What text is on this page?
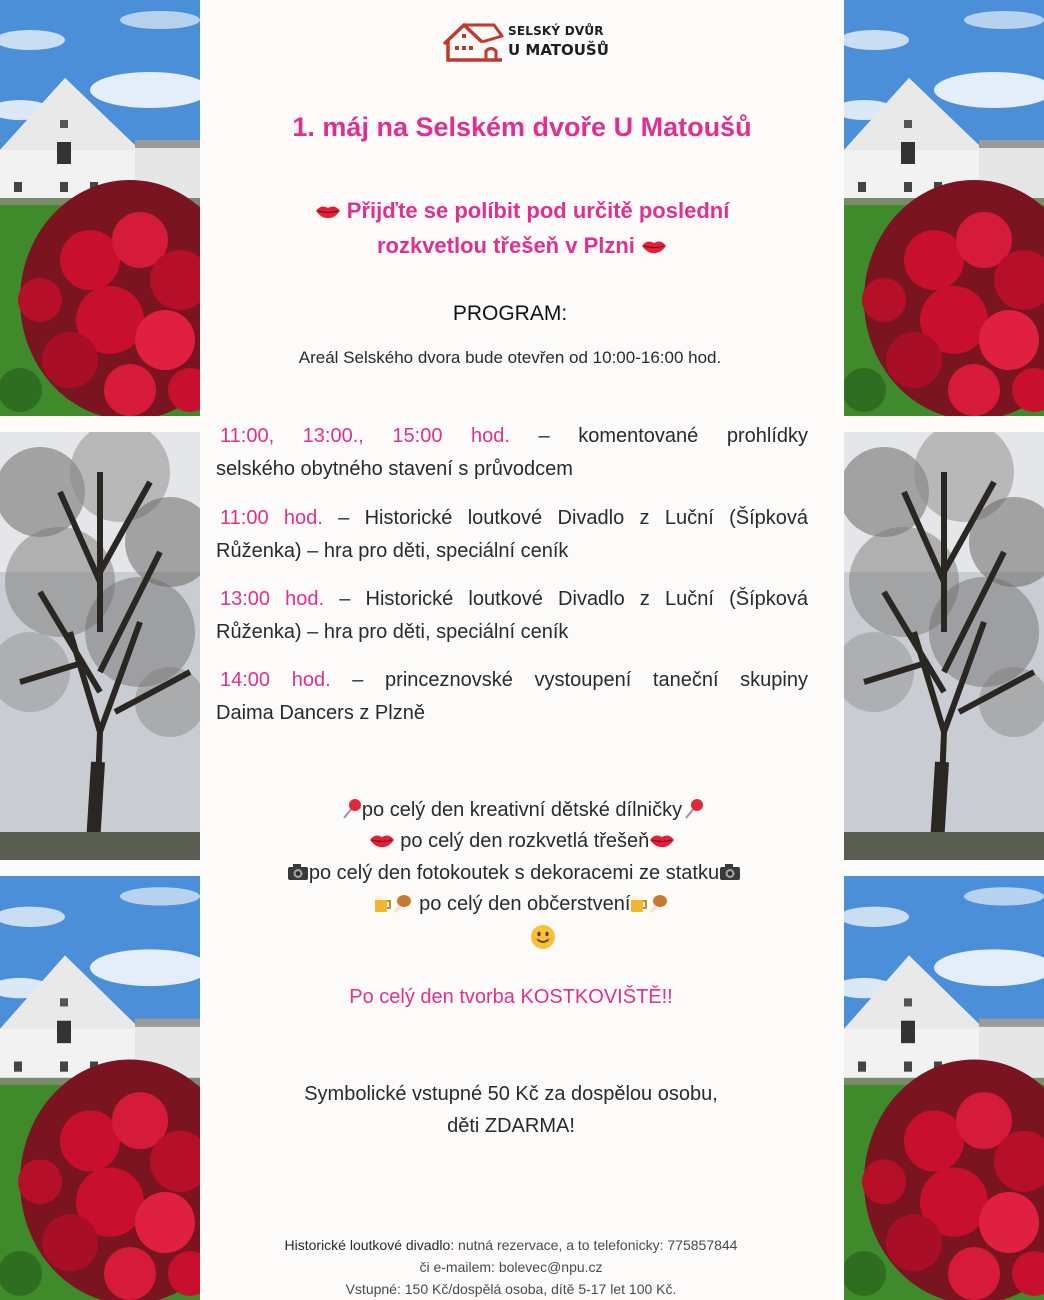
SELSKÝ DVŮR
U MATOUŠŮ
1. máj na Selském dvoře U Matoušů
Přijďte se políbit pod určitě poslední
rozkvetlou třešeň v Plzni
PROGRAM:
Areál Selského dvora bude otevřen od 10:00-16:00 hod.
11:00, 13:00., 15:00 hod. – komentované prohlídky
selského obytného stavení s průvodcem
11:00 hod. – Historické loutkové Divadlo z Luční (Šípková
Růženka) – hra pro děti, speciální ceník
13:00 hod. – Historické loutkové Divadlo z Luční (Šípková
Růženka) – hra pro děti, speciální ceník
14:00 hod. – princeznovské vystoupení taneční skupiny
Daima Dancers z Plzně
po celý den kreativní dětské dílničky
po celý den rozkvetlá třešeň
po celý den fotokoutek s dekoracemi ze statku
po celý den občerstvení
Po celý den tvorba KOSTKOVIŠTĚ!!
Symbolické vstupné 50 Kč za dospělou osobu,
děti ZDARMA!
Historické loutkové divadlo: nutná rezervace, a to telefonicky: 775857844
či e-mailem: bolevec@npu.cz
Vstupné: 150 Kč/dospělá osoba, dítě 5-17 let 100 Kč.
